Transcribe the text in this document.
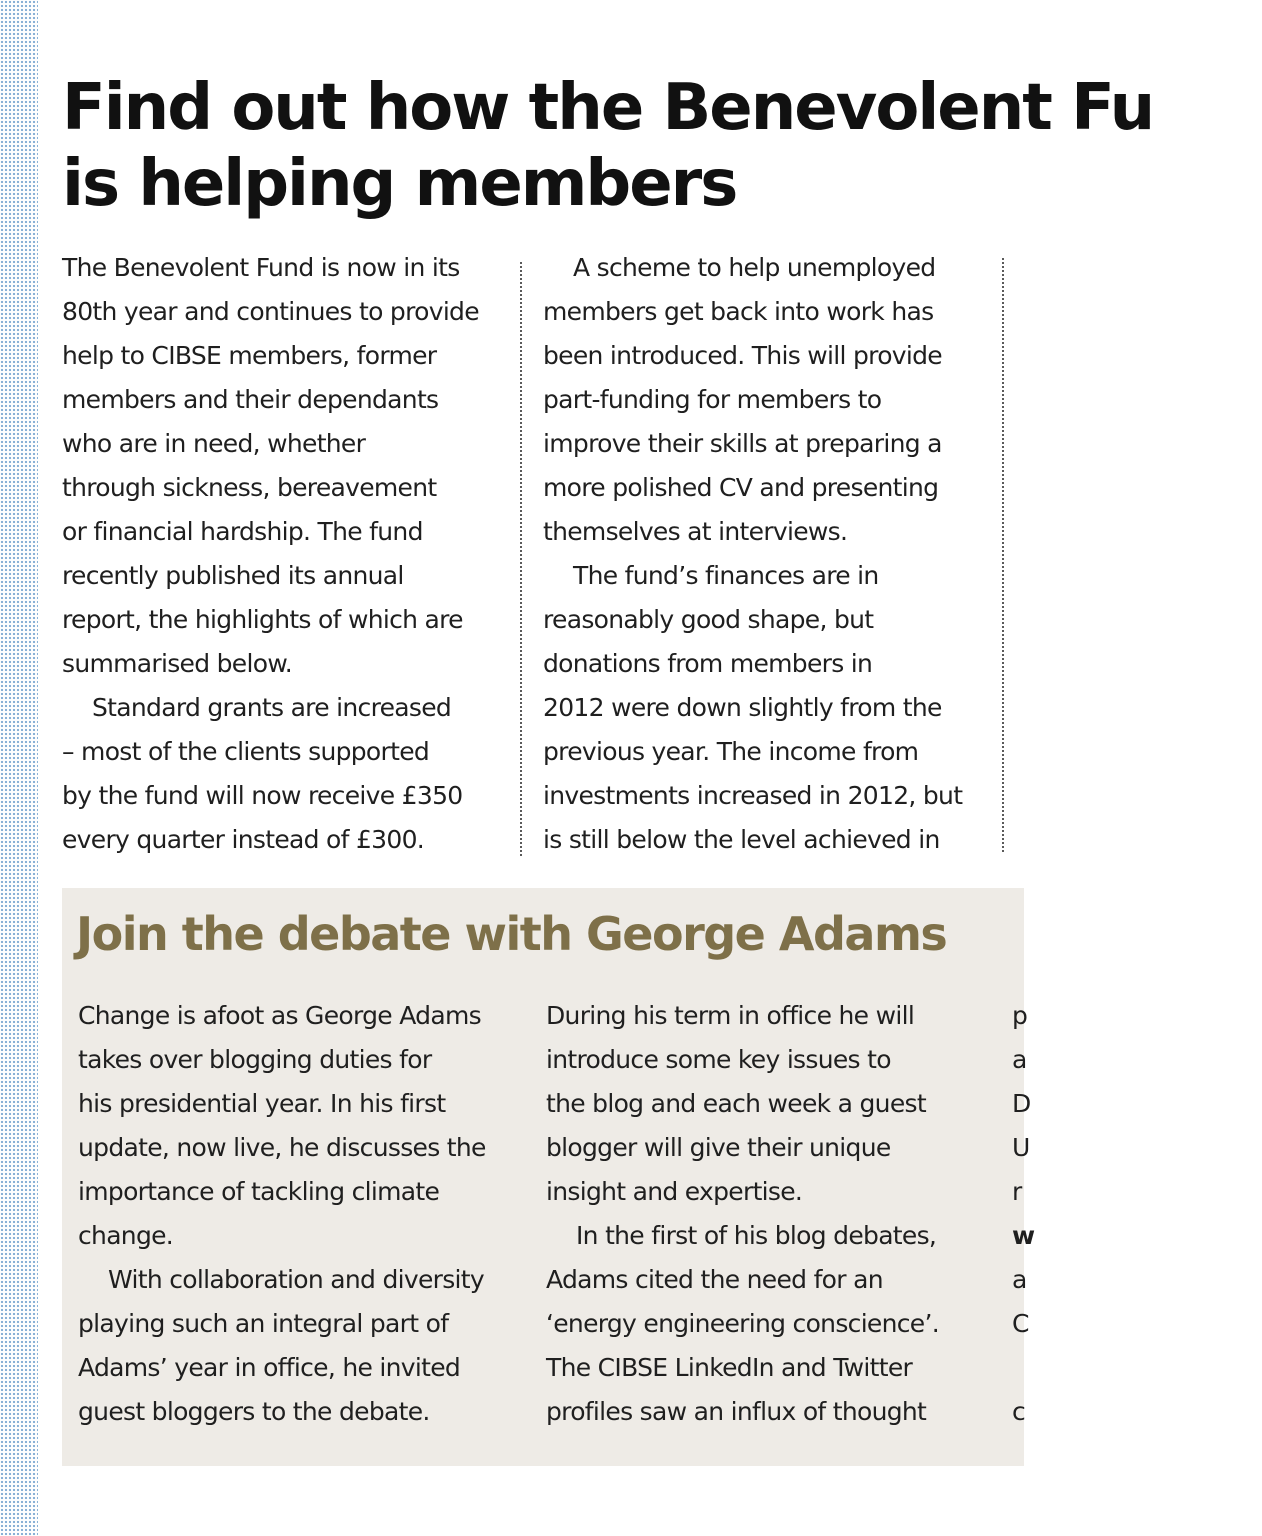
Find out how the Benevolent Fu
is helping members
The Benevolent Fund is now in its
80th year and continues to provide
help to CIBSE members, former
members and their dependants
who are in need, whether
through sickness, bereavement
or financial hardship. The fund
recently published its annual
report, the highlights of which are
summarised below.
Standard grants are increased
– most of the clients supported
by the fund will now receive £350
every quarter instead of £300.
A scheme to help unemployed
members get back into work has
been introduced. This will provide
part-funding for members to
improve their skills at preparing a
more polished CV and presenting
themselves at interviews.
The fund’s finances are in
reasonably good shape, but
donations from members in
2012 were down slightly from the
previous year. The income from
investments increased in 2012, but
is still below the level achieved in
Join the debate with George Adams
Change is afoot as George Adams
takes over blogging duties for
his presidential year. In his first
update, now live, he discusses the
importance of tackling climate
change.
With collaboration and diversity
playing such an integral part of
Adams’ year in office, he invited
guest bloggers to the debate.
During his term in office he will
introduce some key issues to
the blog and each week a guest
blogger will give their unique
insight and expertise.
In the first of his blog debates,
Adams cited the need for an
‘energy engineering conscience’.
The CIBSE LinkedIn and Twitter
profiles saw an influx of thought
p
a
D
U
r
w
a
C
c
